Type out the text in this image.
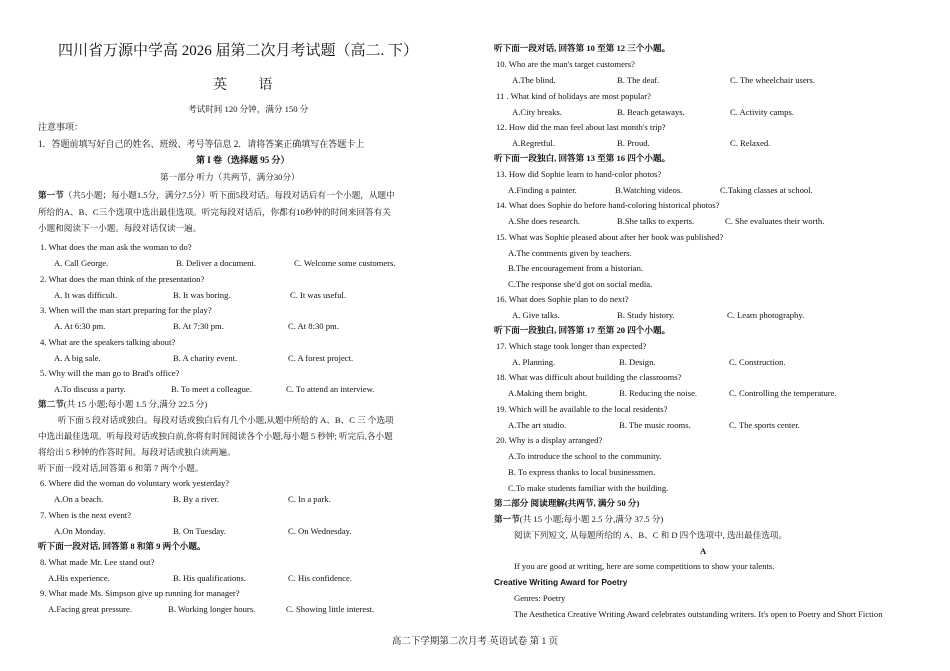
四川省万源中学高 2026 届第二次月考试题（高二. 下）
英 语
考试时间 120 分钟，满分 150 分
注意事项：
1．答题前填写好自己的姓名、班级、考号等信息 2．请将答案正确填写在答题卡上
第 I 卷（选择题 95 分）
第一部分 听力（共两节，满分30分）
第一节（共5小题；每小题1.5分，满分7.5分）听下面5段对话。每段对话后有一个小题，从题中
所给的A、B、C三个选项中选出最佳选项。听完每段对话后，你都有10秒钟的时间来回答有关
小题和阅读下一小题。每段对话仅读一遍。
1. What does the man ask the woman to do?
A. Call George.	B. Deliver a document.	C. Welcome some customers.
2. What does the man think of the presentation?
A. It was difficult.	B. It was boring.	C. It was useful.
3. When will the man start preparing for the play?
A. At 6:30 pm.	B. At 7:30 pm.	C. At 8:30 pm.
4. What are the speakers talking about?
A. A big sale.	B. A charity event.	C. A forest project.
5. Why will the man go to Brad's office?
A.To discuss a party.	B. To meet a colleague.	C. To attend an interview.
第二节(共 15 小题;每小题 1.5 分,满分 22.5 分)
听下面 5 段对话或独白。每段对话或独白后有几个小题,从题中所给的 A、B、C 三 个选项
中选出最佳选项。听每段对话或独白前,你将有时间阅读各个小题,每小题 5 秒钟; 听完后,各小题
将给出 5 秒钟的作答时间。每段对话或独白读两遍。
听下面一段对话,回答第 6 和第 7 两个小题。
6. Where did the woman do voluntary work yesterday?
A.On a beach.	B. By a river.	C. In a park.
7. When is the next event?
A.On Monday.	B. On Tuesday.	C. On Wednesday.
听下面一段对话, 回答第 8 和第 9 两个小题。
8. What made Mr. Lee stand out?
A.His experience.	B. His qualifications.	C. His confidence.
9. What made Ms. Simpson give up running for manager?
A.Facing great pressure.	B. Working longer hours.	C. Showing little interest.
听下面一段对话, 回答第 10 至第 12 三个小题。
10. Who are the man's target customers?
A.The blind.	B. The deaf.	C. The wheelchair users.
11 . What kind of holidays are most popular?
A.City breaks.	B. Beach getaways.	C. Activity camps.
12. How did the man feel about last month's trip?
A.Regretful.	B. Proud.	C. Relaxed.
听下面一段独白, 回答第 13 至第 16 四个小题。
13. How did Sophie learn to hand-color photos?
A.Finding a painter.	B.Watching videos.	C.Taking classes at school.
14. What does Sophie do before hand-coloring historical photos?
A.She does research.	B.She talks to experts.	C. She evaluates their worth.
15. What was Sophie pleased about after her book was published?
A.The comments given by teachers.
B.The encouragement from a historian.
C.The response she'd got on social media.
16. What does Sophie plan to do next?
A. Give talks.	B. Study history.	C. Learn photography.
听下面一段独白, 回答第 17 至第 20 四个小题。
17. Which stage took longer than expected?
A. Planning.	B. Design.	C. Construction.
18. What was difficult about building the classrooms?
A.Making them bright.	B. Reducing the noise.	C. Controlling the temperature.
19. Which will be available to the local residents?
A.The art studio.	B. The music rooms.	C. The sports center.
20. Why is a display arranged?
A.To introduce the school to the community.
B. To express thanks to local businessmen.
C.To make students familiar with the building.
第二部分 阅读理解(共两节, 满分 50 分)
第一节(共 15 小题;每小题 2.5 分,满分 37.5 分)
阅读下列短文, 从每题所给的 A、B、C 和 D 四个选项中, 选出最佳选项。
A
If you are good at writing, here are some competitions to show your talents.
Creative Writing Award for Poetry
Genres: Poetry
The Aesthetica Creative Writing Award celebrates outstanding writers. It's open to Poetry and Short Fiction
高二下学期第二次月考 英语试卷 第 1 页
